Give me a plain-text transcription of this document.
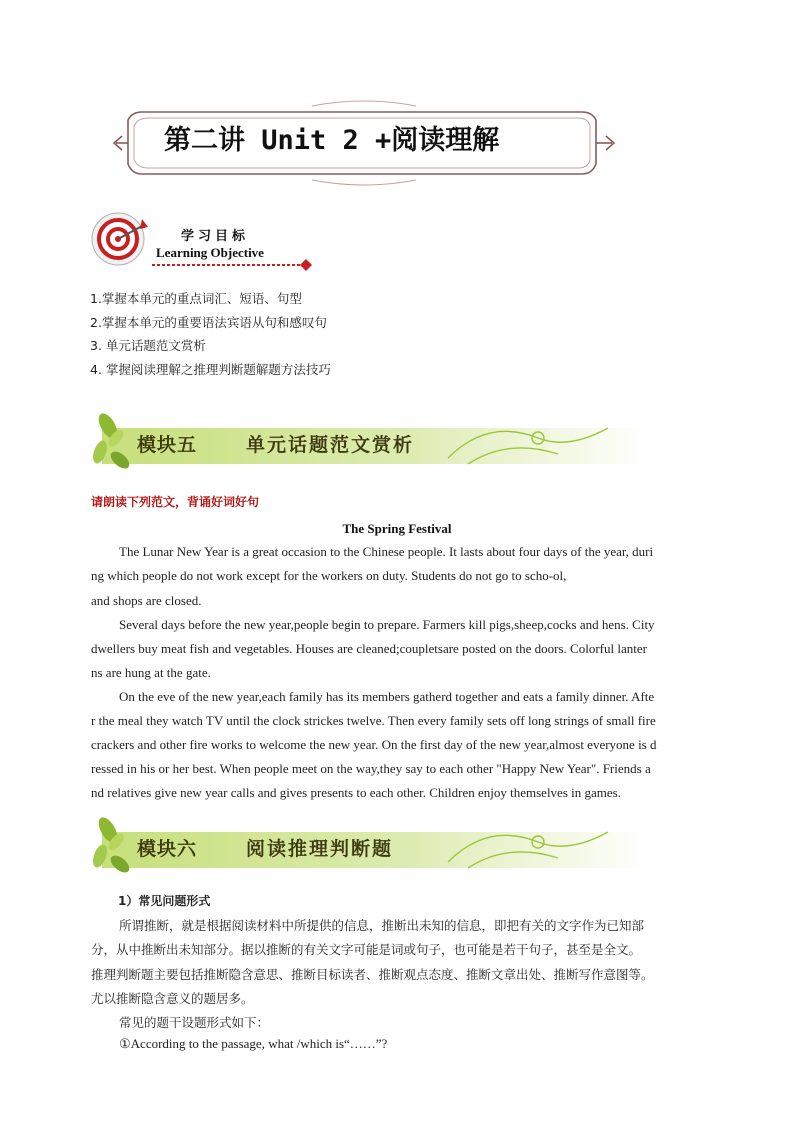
第二讲 Unit 2 +阅读理解
学习目标
Learning Objective
1.掌握本单元的重点词汇、短语、句型
2.掌握本单元的重要语法宾语从句和感叹句
3. 单元话题范文赏析
4. 掌握阅读理解之推理判断题解题方法技巧
模块五	单元话题范文赏析
请朗读下列范文，背诵好词好句
The Spring Festival
The Lunar New Year is a great occasion to the Chinese people. It lasts about four days of the year, duri
ng which people do not work except for the workers on duty. Students do not go to scho-ol,
and shops are closed.
Several days before the new year,people begin to prepare. Farmers kill pigs,sheep,cocks and hens. City
dwellers buy meat fish and vegetables. Houses are cleaned;coupletsare posted on the doors. Colorful lanter
ns are hung at the gate.
On the eve of the new year,each family has its members gatherd together and eats a family dinner. Afte
r the meal they watch TV until the clock strickes twelve. Then every family sets off long strings of small fire
crackers and other fire works to welcome the new year. On the first day of the new year,almost everyone is d
ressed in his or her best. When people meet on the way,they say to each other "Happy New Year". Friends a
nd relatives give new year calls and gives presents to each other. Children enjoy themselves in games.
模块六	阅读推理判断题
1）常见问题形式
所谓推断，就是根据阅读材料中所提供的信息，推断出未知的信息，即把有关的文字作为已知部
分，从中推断出未知部分。据以推断的有关文字可能是词或句子，也可能是若干句子，甚至是全文。
推理判断题主要包括推断隐含意思、推断目标读者、推断观点态度、推断文章出处、推断写作意图等。
尤以推断隐含意义的题居多。
常见的题干设题形式如下：
①According to the passage, what /which is“……”?
